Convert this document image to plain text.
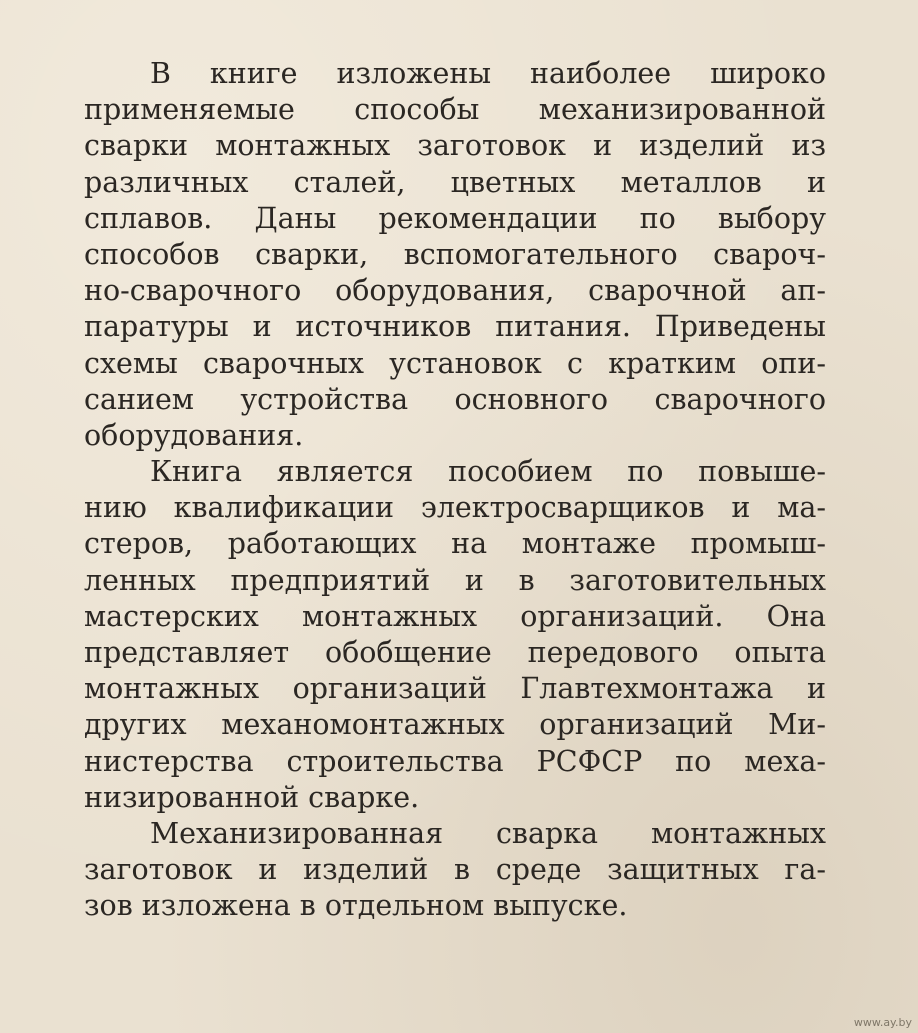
В книге изложены наиболее широко
применяемые способы механизированной
сварки монтажных заготовок и изделий из
различных сталей, цветных металлов и
сплавов. Даны рекомендации по выбору
способов сварки, вспомогательного свароч-
но-сварочного оборудования, сварочной ап-
паратуры и источников питания. Приведены
схемы сварочных установок с кратким опи-
санием устройства основного сварочного
оборудования.
Книга является пособием по повыше-
нию квалификации электросварщиков и ма-
стеров, работающих на монтаже промыш-
ленных предприятий и в заготовительных
мастерских монтажных организаций. Она
представляет обобщение передового опыта
монтажных организаций Главтехмонтажа и
других механомонтажных организаций Ми-
нистерства строительства РСФСР по меха-
низированной сварке.
Механизированная сварка монтажных
заготовок и изделий в среде защитных га-
зов изложена в отдельном выпуске.
www.ay.by
